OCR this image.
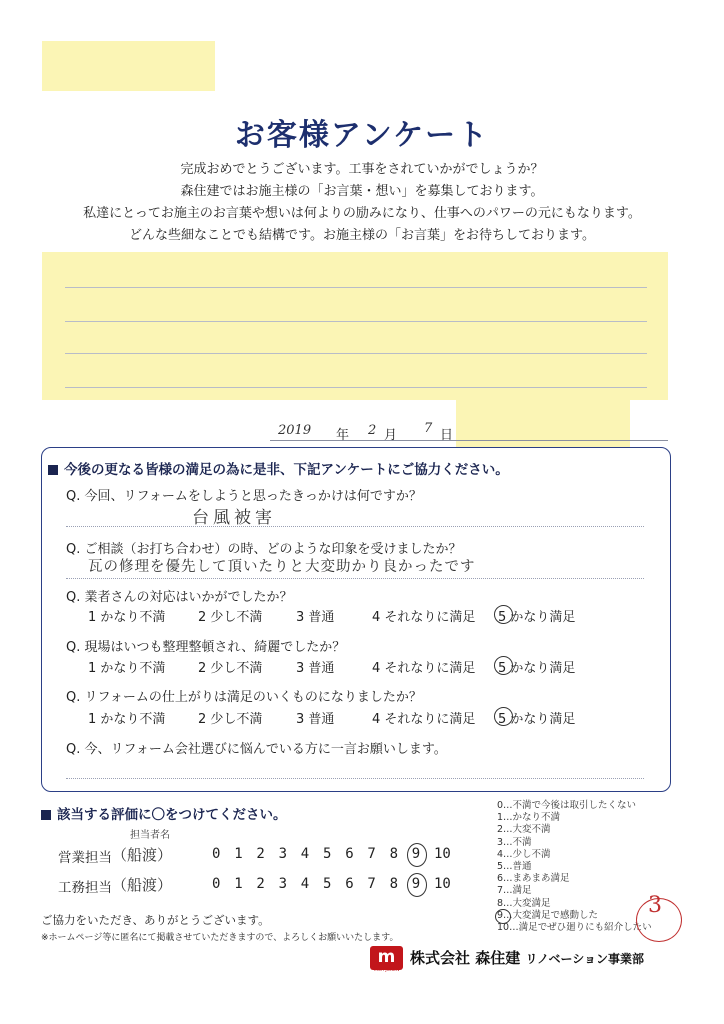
お客様アンケート
完成おめでとうございます。工事をされていかがでしょうか？
森住建ではお施主様の「お言葉・想い」を募集しております。
私達にとってお施主のお言葉や想いは何よりの励みになり、仕事へのパワーの元にもなります。
どんな些細なことでも結構です。お施主様の「お言葉」をお待ちしております。
2019 年 2 月 7 日
今後の更なる皆様の満足の為に是非、下記アンケートにご協力ください。
Q. 今回、リフォームをしようと思ったきっかけは何ですか？
台風被害
Q. ご相談（お打ち合わせ）の時、どのような印象を受けましたか？
瓦の修理を優先して頂いたりと大変助かり良かったです
Q. 業者さんの対応はいかがでしたか？
Q. 現場はいつも整理整頓され、綺麗でしたか？
Q. リフォームの仕上がりは満足のいくものになりましたか？
Q. 今、リフォーム会社選びに悩んでいる方に一言お願いします。
1 かなり不満	2 少し不満	3 普通	4 それなりに満足 5 かなり満足
1 かなり不満	2 少し不満	3 普通	4 それなりに満足 5 かなり満足
1 かなり不満	2 少し不満	3 普通	4 それなりに満足 5 かなり満足
該当する評価に〇をつけてください。
担当者名
営業担当 （船渡）
工務担当 （船渡）
0 1 2 3 4 5 6 7 8 9 10
0 1 2 3 4 5 6 7 8 9 10
0…不満で今後は取引したくない
1…かなり不満
2…大変不満
3…不満
4…少し不満
5…普通
6…まあまあ満足
7…満足
8…大変満足
9…大変満足で感動した
10…満足でぜひ廻りにも紹介したい
3
ご協力をいただき、ありがとうございます。
※ホームページ等に匿名にて掲載させていただきますので、よろしくお願いいたします。
m
mori JUKEN
株式会社 森住建 リノベーション事業部
